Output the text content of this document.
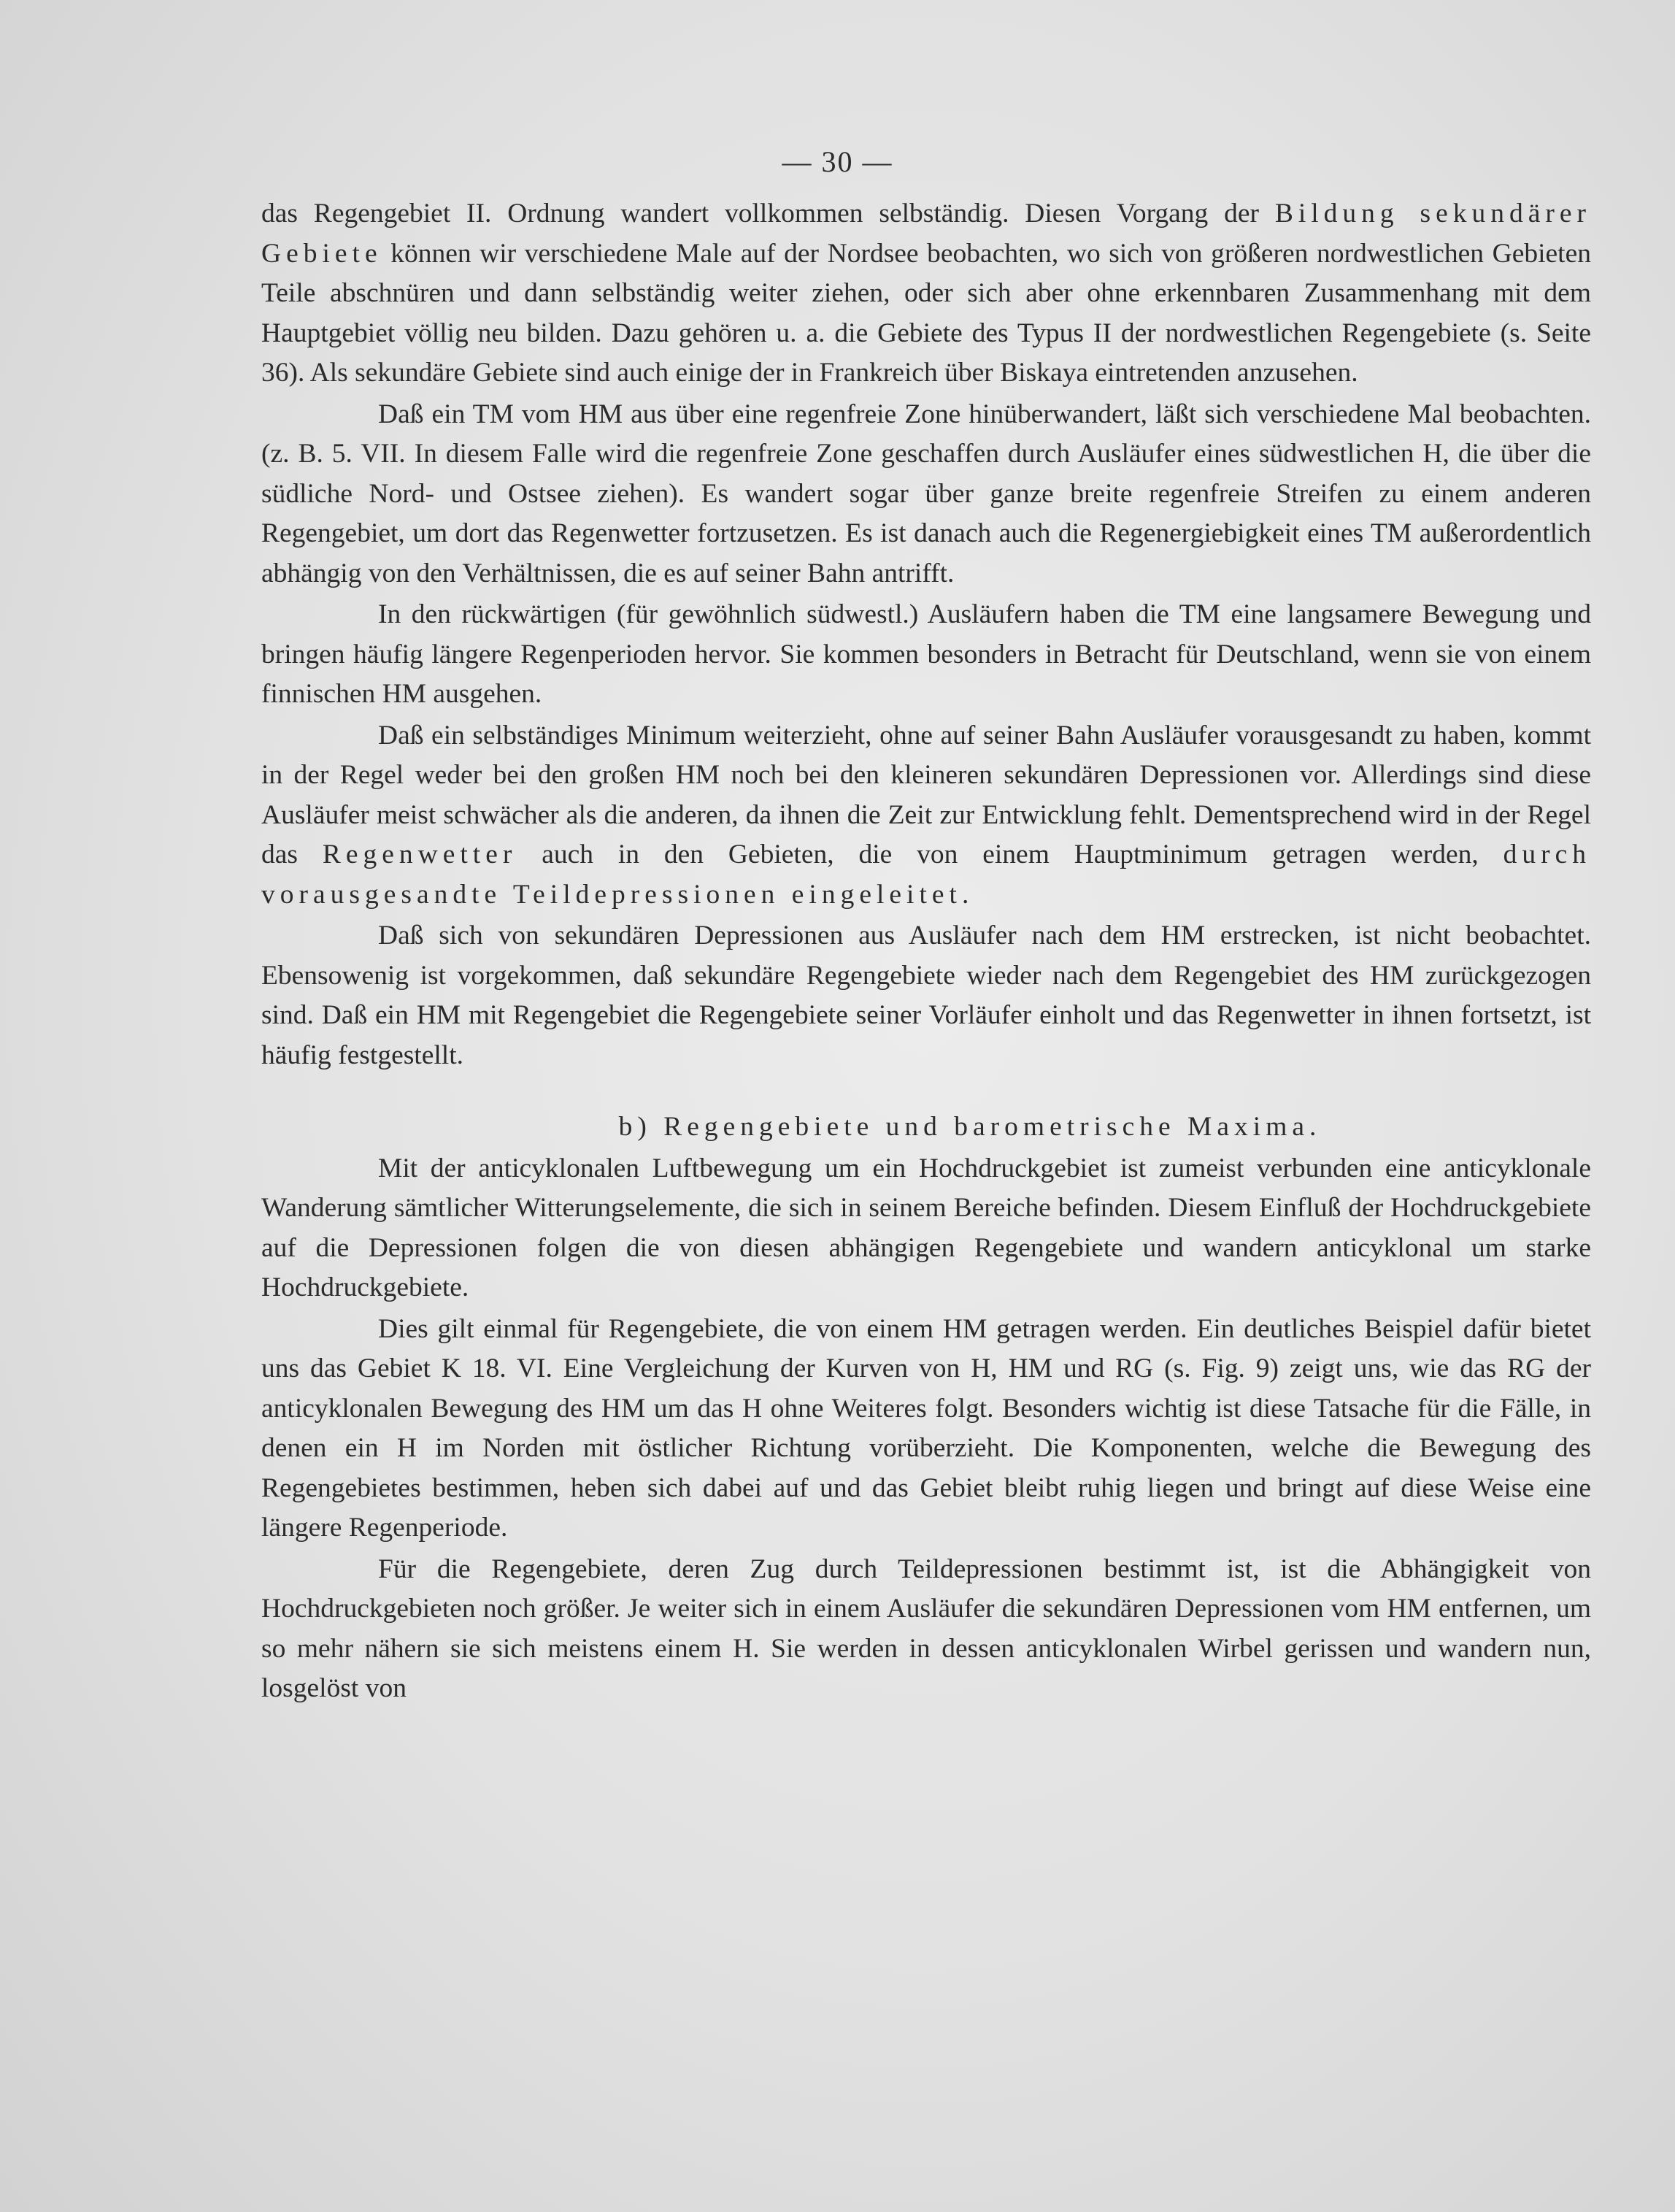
— 30 —

das Regengebiet II. Ordnung wandert vollkommen selbständig. Diesen Vorgang der Bildung sekundärer Gebiete können wir verschiedene Male auf der Nordsee beobachten, wo sich von größeren nordwestlichen Gebieten Teile abschnüren und dann selbständig weiter ziehen, oder sich aber ohne erkennbaren Zusammenhang mit dem Hauptgebiet völlig neu bilden. Dazu gehören u. a. die Gebiete des Typus II der nordwestlichen Regengebiete (s. Seite 36). Als sekundäre Gebiete sind auch einige der in Frankreich über Biskaya eintretenden anzusehen.

Daß ein TM vom HM aus über eine regenfreie Zone hinüberwandert, läßt sich verschiedene Mal beobachten. (z. B. 5. VII. In diesem Falle wird die regenfreie Zone geschaffen durch Ausläufer eines südwestlichen H, die über die südliche Nord- und Ostsee ziehen). Es wandert sogar über ganze breite regenfreie Streifen zu einem anderen Regengebiet, um dort das Regenwetter fortzusetzen. Es ist danach auch die Regenergiebigkeit eines TM außerordentlich abhängig von den Verhältnissen, die es auf seiner Bahn antrifft.

In den rückwärtigen (für gewöhnlich südwestl.) Ausläufern haben die TM eine langsamere Bewegung und bringen häufig längere Regenperioden hervor. Sie kommen besonders in Betracht für Deutschland, wenn sie von einem finnischen HM ausgehen.

Daß ein selbständiges Minimum weiterzieht, ohne auf seiner Bahn Ausläufer vorausgesandt zu haben, kommt in der Regel weder bei den großen HM noch bei den kleineren sekundären Depressionen vor. Allerdings sind diese Ausläufer meist schwächer als die anderen, da ihnen die Zeit zur Entwicklung fehlt. Dementsprechend wird in der Regel das Regenwetter auch in den Gebieten, die von einem Hauptminimum getragen werden, durch vorausgesandte Teildepressionen eingeleitet.

Daß sich von sekundären Depressionen aus Ausläufer nach dem HM erstrecken, ist nicht beobachtet. Ebensowenig ist vorgekommen, daß sekundäre Regengebiete wieder nach dem Regengebiet des HM zurückgezogen sind. Daß ein HM mit Regengebiet die Regengebiete seiner Vorläufer einholt und das Regenwetter in ihnen fortsetzt, ist häufig festgestellt.

b) Regengebiete und barometrische Maxima.

Mit der anticyklonalen Luftbewegung um ein Hochdruckgebiet ist zumeist verbunden eine anticyklonale Wanderung sämtlicher Witterungselemente, die sich in seinem Bereiche befinden. Diesem Einfluß der Hochdruckgebiete auf die Depressionen folgen die von diesen abhängigen Regengebiete und wandern anticyklonal um starke Hochdruckgebiete.

Dies gilt einmal für Regengebiete, die von einem HM getragen werden. Ein deutliches Beispiel dafür bietet uns das Gebiet K 18. VI. Eine Vergleichung der Kurven von H, HM und RG (s. Fig. 9) zeigt uns, wie das RG der anticyklonalen Bewegung des HM um das H ohne Weiteres folgt. Besonders wichtig ist diese Tatsache für die Fälle, in denen ein H im Norden mit östlicher Richtung vorüberzieht. Die Komponenten, welche die Bewegung des Regengebietes bestimmen, heben sich dabei auf und das Gebiet bleibt ruhig liegen und bringt auf diese Weise eine längere Regenperiode.

Für die Regengebiete, deren Zug durch Teildepressionen bestimmt ist, ist die Abhängigkeit von Hochdruckgebieten noch größer. Je weiter sich in einem Ausläufer die sekundären Depressionen vom HM entfernen, um so mehr nähern sie sich meistens einem H. Sie werden in dessen anticyklonalen Wirbel gerissen und wandern nun, losgelöst von
